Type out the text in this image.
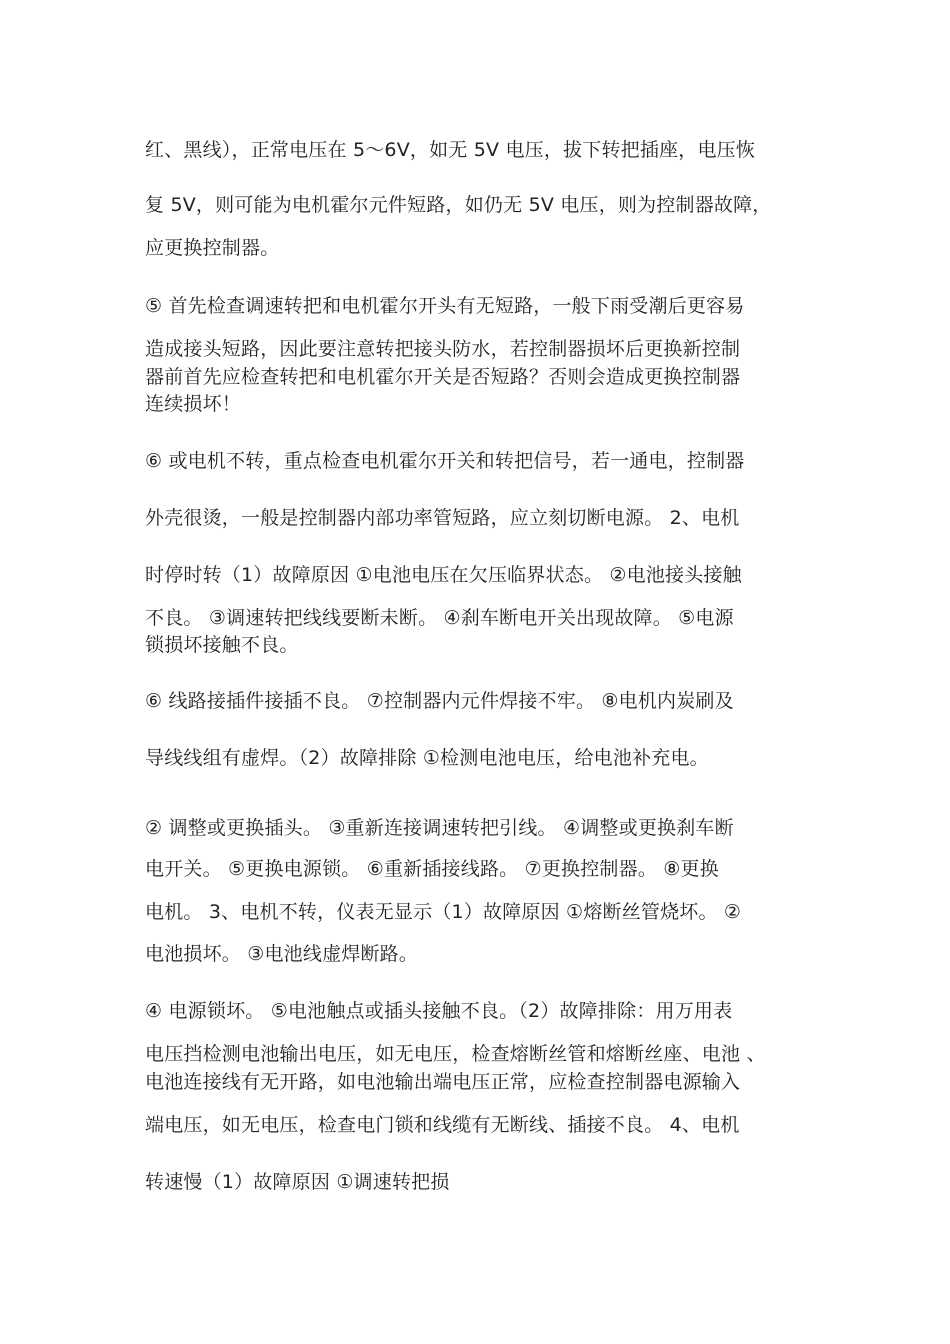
红、黑线），正常电压在 5～6V，如无 5V 电压，拔下转把插座，电压恢
复 5V，则可能为电机霍尔元件短路，如仍无 5V 电压，则为控制器故障，
应更换控制器。
⑤ 首先检查调速转把和电机霍尔开头有无短路，一般下雨受潮后更容易
造成接头短路，因此要注意转把接头防水，若控制器损坏后更换新控制
器前首先应检查转把和电机霍尔开关是否短路？否则会造成更换控制器
连续损坏！
⑥ 或电机不转，重点检查电机霍尔开关和转把信号，若一通电，控制器
外壳很烫，一般是控制器内部功率管短路，应立刻切断电源。 2、电机
时停时转（1）故障原因 ①电池电压在欠压临界状态。 ②电池接头接触
不良。 ③调速转把线线要断未断。 ④刹车断电开关出现故障。 ⑤电源
锁损坏接触不良。
⑥ 线路接插件接插不良。 ⑦控制器内元件焊接不牢。 ⑧电机内炭刷及
导线线组有虚焊。（2）故障排除 ①检测电池电压，给电池补充电。
② 调整或更换插头。 ③重新连接调速转把引线。 ④调整或更换刹车断
电开关。 ⑤更换电源锁。 ⑥重新插接线路。 ⑦更换控制器。 ⑧更换
电机。 3、电机不转，仪表无显示（1）故障原因 ①熔断丝管烧坏。 ②
电池损坏。 ③电池线虚焊断路。
④ 电源锁坏。 ⑤电池触点或插头接触不良。（2）故障排除：用万用表
电压挡检测电池输出电压，如无电压，检查熔断丝管和熔断丝座、电池 、
电池连接线有无开路，如电池输出端电压正常，应检查控制器电源输入
端电压，如无电压，检查电门锁和线缆有无断线、插接不良。 4、电机
转速慢（1）故障原因 ①调速转把损
